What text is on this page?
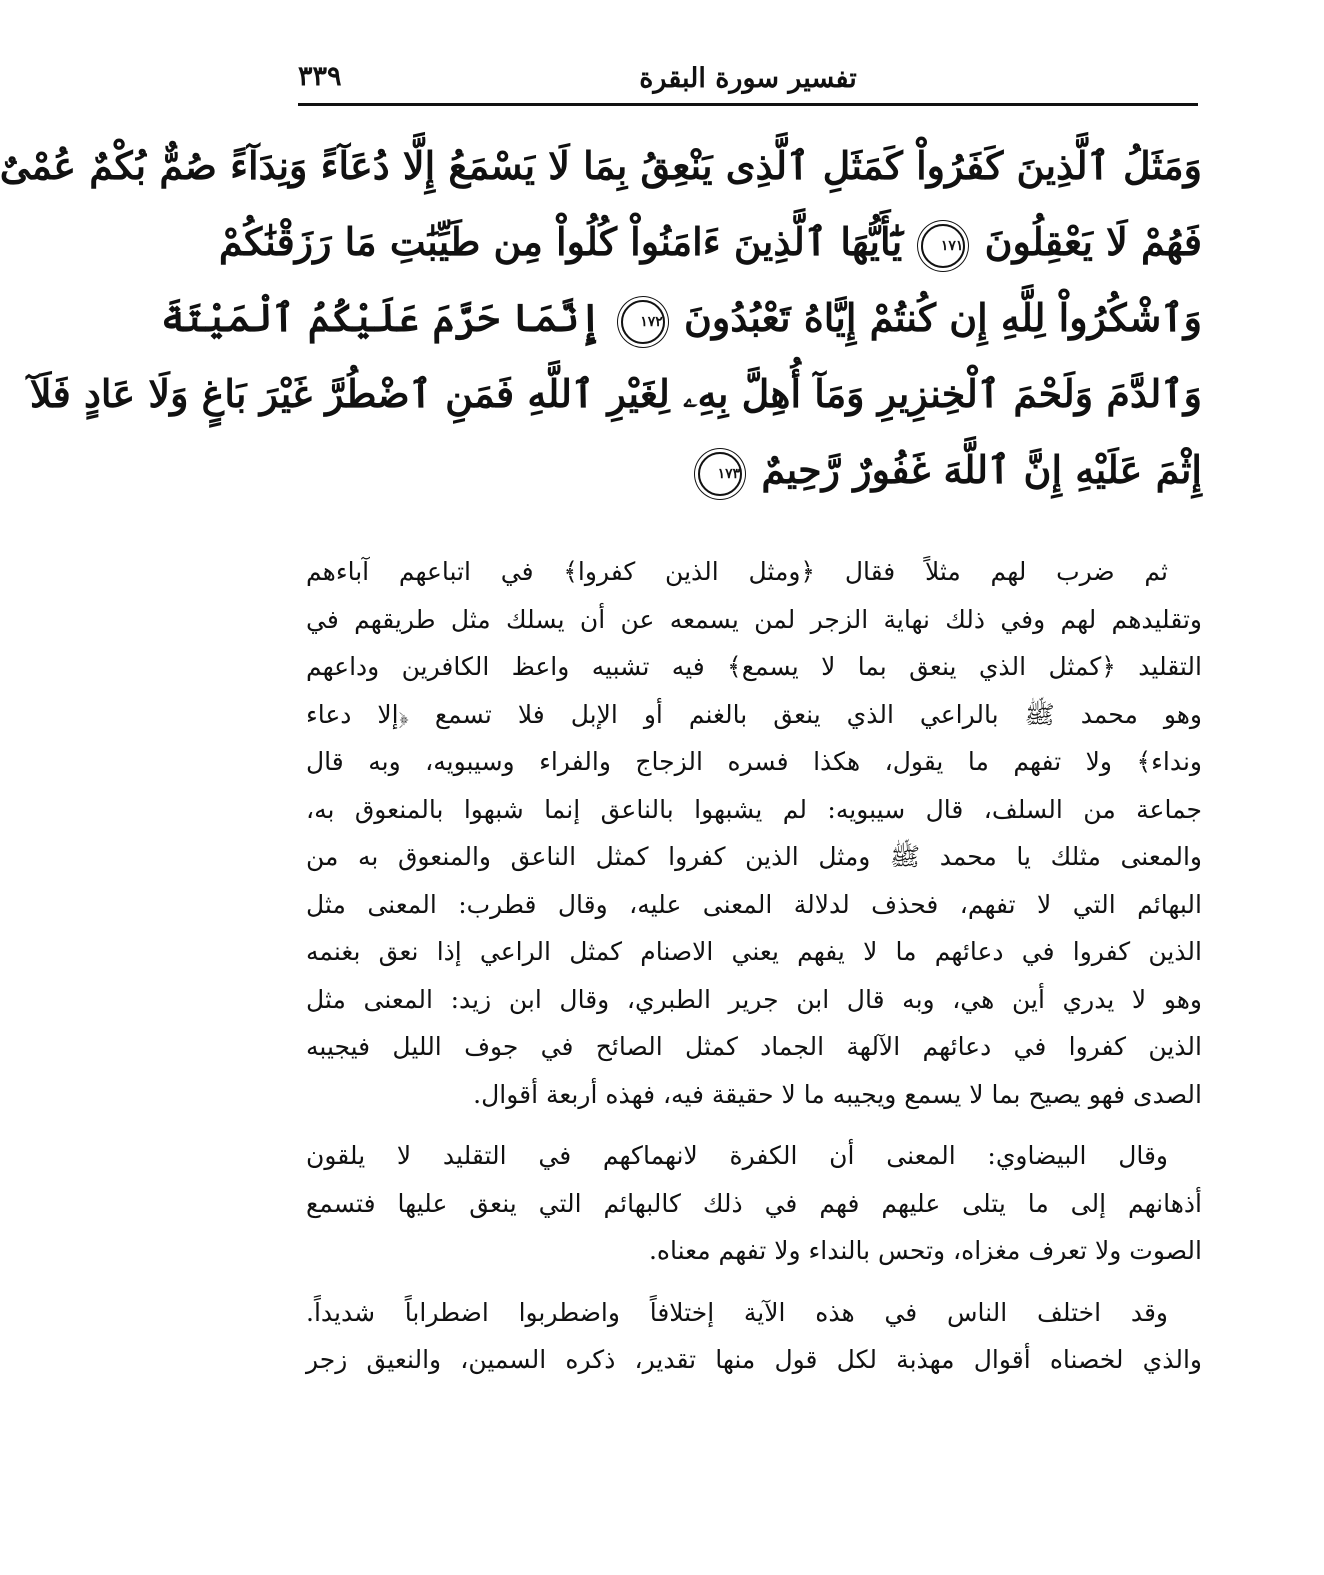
تفسير سورة البقرة
٣٣٩
وَمَثَلُ ٱلَّذِينَ كَفَرُواْ كَمَثَلِ ٱلَّذِى يَنْعِقُ بِمَا لَا يَسْمَعُ إِلَّا دُعَآءً وَنِدَآءً صُمٌّ بُكْمٌ عُمْىٌ
فَهُمْ لَا يَعْقِلُونَ ١٧١ يَٰٓأَيُّهَا ٱلَّذِينَ ءَامَنُواْ كُلُواْ مِن طَيِّبَٰتِ مَا رَزَقْنَٰكُمْ
وَٱشْكُرُواْ لِلَّهِ إِن كُنتُمْ إِيَّاهُ تَعْبُدُونَ ١٧٢ إِنَّمَا حَرَّمَ عَلَيْكُمُ ٱلْمَيْتَةَ
وَٱلدَّمَ وَلَحْمَ ٱلْخِنزِيرِ وَمَآ أُهِلَّ بِهِۦ لِغَيْرِ ٱللَّهِ فَمَنِ ٱضْطُرَّ غَيْرَ بَاغٍ وَلَا عَادٍ فَلَآ
إِثْمَ عَلَيْهِ إِنَّ ٱللَّهَ غَفُورٌ رَّحِيمٌ ١٧٣

ثم ضرب لهم مثلاً فقال ﴿ومثل الذين كفروا﴾ في اتباعهم آباءهم
وتقليدهم لهم وفي ذلك نهاية الزجر لمن يسمعه عن أن يسلك مثل طريقهم في
التقليد ﴿كمثل الذي ينعق بما لا يسمع﴾ فيه تشبيه واعظ الكافرين وداعهم
وهو محمد ﷺ بالراعي الذي ينعق بالغنم أو الإبل فلا تسمع ﴿إلا دعاء
ونداء﴾ ولا تفهم ما يقول، هكذا فسره الزجاج والفراء وسيبويه، وبه قال
جماعة من السلف، قال سيبويه: لم يشبهوا بالناعق إنما شبهوا بالمنعوق به،
والمعنى مثلك يا محمد ﷺ ومثل الذين كفروا كمثل الناعق والمنعوق به من
البهائم التي لا تفهم، فحذف لدلالة المعنى عليه، وقال قطرب: المعنى مثل
الذين كفروا في دعائهم ما لا يفهم يعني الاصنام كمثل الراعي إذا نعق بغنمه
وهو لا يدري أين هي، وبه قال ابن جرير الطبري، وقال ابن زيد: المعنى مثل
الذين كفروا في دعائهم الآلهة الجماد كمثل الصائح في جوف الليل فيجيبه
الصدى فهو يصيح بما لا يسمع ويجيبه ما لا حقيقة فيه، فهذه أربعة أقوال.

وقال البيضاوي: المعنى أن الكفرة لانهماكهم في التقليد لا يلقون
أذهانهم إلى ما يتلى عليهم فهم في ذلك كالبهائم التي ينعق عليها فتسمع
الصوت ولا تعرف مغزاه، وتحس بالنداء ولا تفهم معناه.

وقد اختلف الناس في هذه الآية إختلافاً واضطربوا اضطراباً شديداً.
والذي لخصناه أقوال مهذبة لكل قول منها تقدير، ذكره السمين، والنعيق زجر
